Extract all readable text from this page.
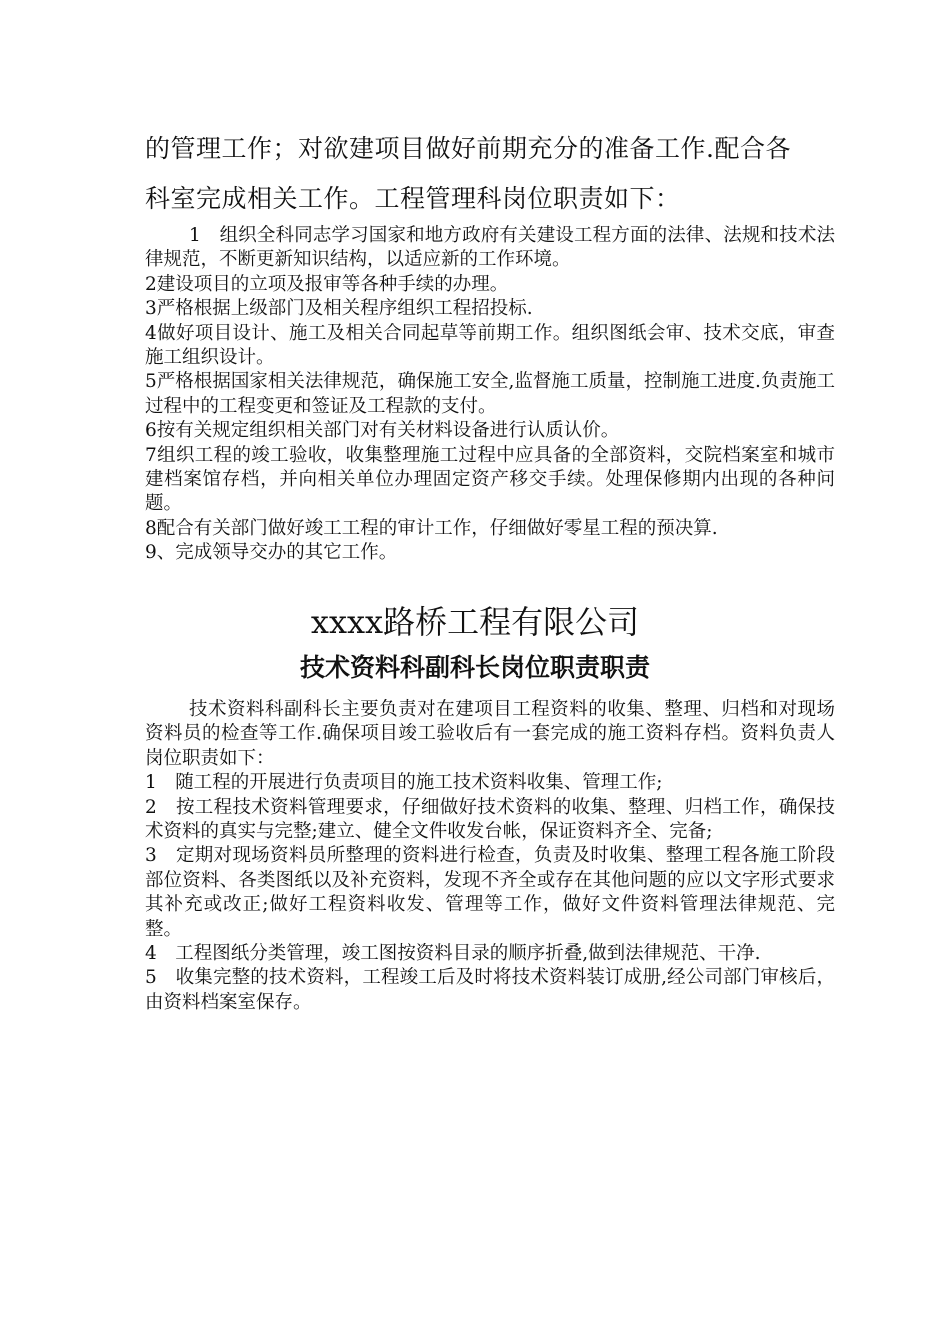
的管理工作；对欲建项目做好前期充分的准备工作.配合各
科室完成相关工作。工程管理科岗位职责如下：

1　组织全科同志学习国家和地方政府有关建设工程方面的法律、法规和技术法律规范，不断更新知识结构，以适应新的工作环境。

2建设项目的立项及报审等各种手续的办理。

3严格根据上级部门及相关程序组织工程招投标.

4做好项目设计、施工及相关合同起草等前期工作。组织图纸会审、技术交底，审查施工组织设计。

5严格根据国家相关法律规范，确保施工安全,监督施工质量，控制施工进度.负责施工过程中的工程变更和签证及工程款的支付。

6按有关规定组织相关部门对有关材料设备进行认质认价。

7组织工程的竣工验收，收集整理施工过程中应具备的全部资料，交院档案室和城市建档案馆存档，并向相关单位办理固定资产移交手续。处理保修期内出现的各种问题。

8配合有关部门做好竣工工程的审计工作，仔细做好零星工程的预决算.

9、完成领导交办的其它工作。

xxxx路桥工程有限公司
技术资料科副科长岗位职责职责

技术资料科副科长主要负责对在建项目工程资料的收集、整理、归档和对现场资料员的检查等工作.确保项目竣工验收后有一套完成的施工资料存档。资料负责人岗位职责如下：

1　随工程的开展进行负责项目的施工技术资料收集、管理工作;

2　按工程技术资料管理要求，仔细做好技术资料的收集、整理、归档工作，确保技术资料的真实与完整;建立、健全文件收发台帐，保证资料齐全、完备;

3　定期对现场资料员所整理的资料进行检查，负责及时收集、整理工程各施工阶段部位资料、各类图纸以及补充资料，发现不齐全或存在其他问题的应以文字形式要求其补充或改正;做好工程资料收发、管理等工作，做好文件资料管理法律规范、完整。

4　工程图纸分类管理，竣工图按资料目录的顺序折叠,做到法律规范、干净.

5　收集完整的技术资料，工程竣工后及时将技术资料装订成册,经公司部门审核后，由资料档案室保存。
